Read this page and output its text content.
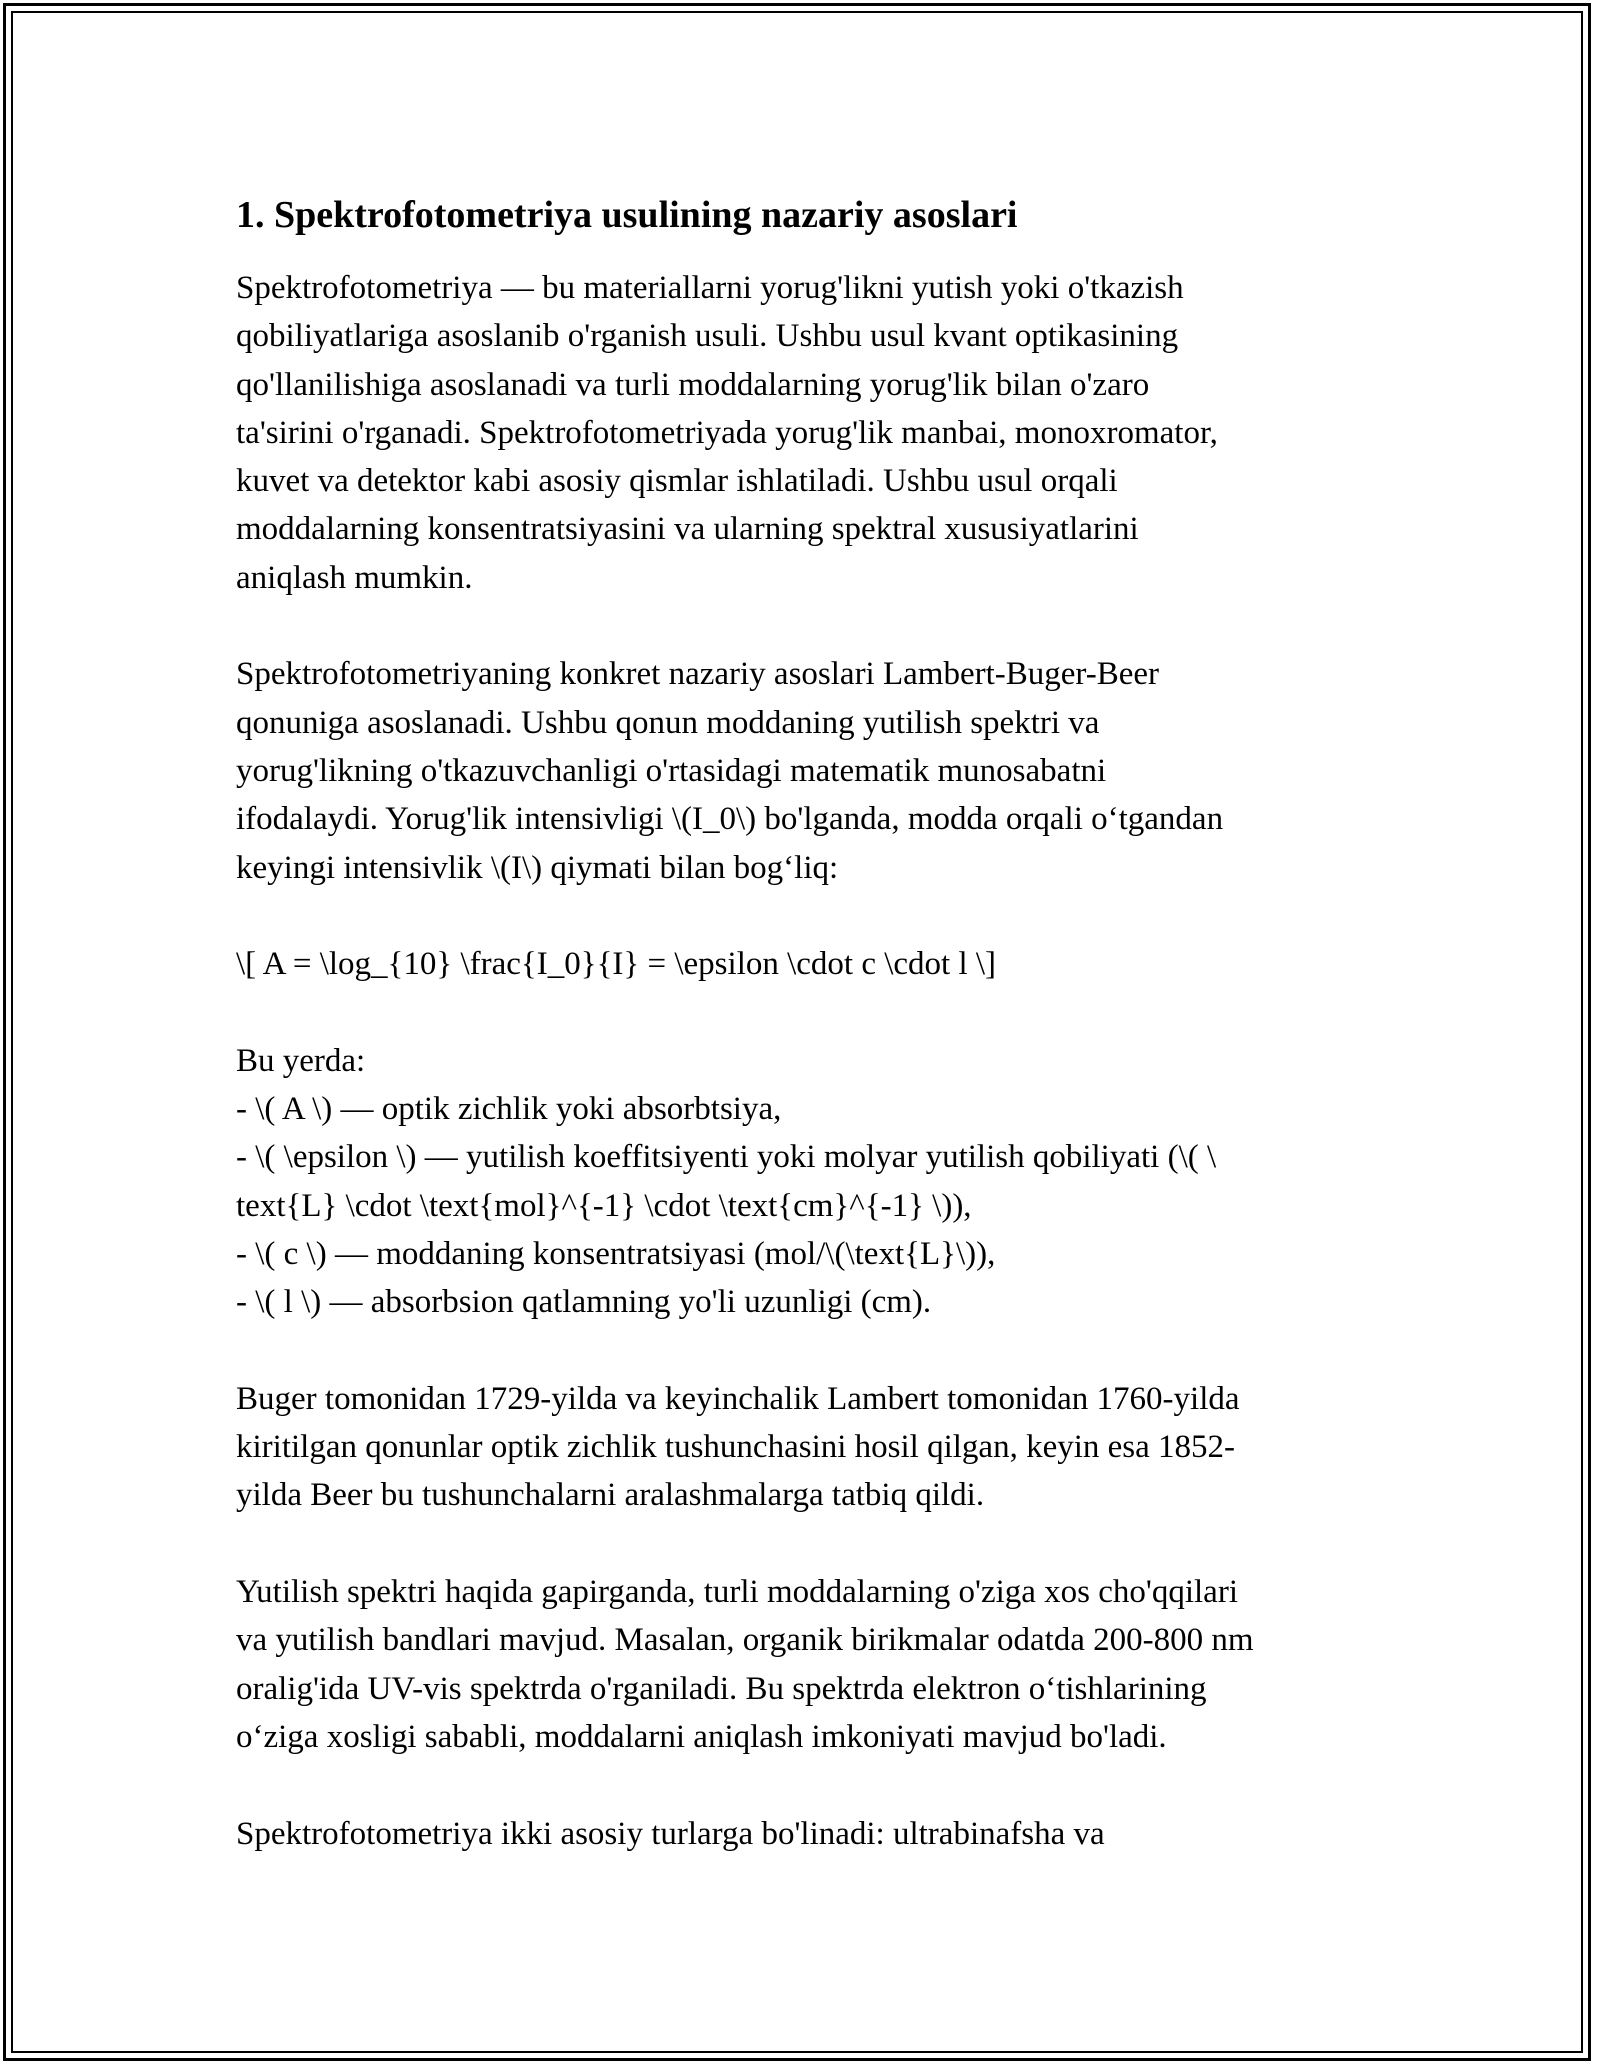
1. Spektrofotometriya usulining nazariy asoslari
Spektrofotometriya — bu materiallarni yorug'likni yutish yoki o'tkazish
qobiliyatlariga asoslanib o'rganish usuli. Ushbu usul kvant optikasining
qo'llanilishiga asoslanadi va turli moddalarning yorug'lik bilan o'zaro
ta'sirini o'rganadi. Spektrofotometriyada yorug'lik manbai, monoxromator,
kuvet va detektor kabi asosiy qismlar ishlatiladi. Ushbu usul orqali
moddalarning konsentratsiyasini va ularning spektral xususiyatlarini
aniqlash mumkin.
Spektrofotometriyaning konkret nazariy asoslari Lambert-Buger-Beer
qonuniga asoslanadi. Ushbu qonun moddaning yutilish spektri va
yorug'likning o'tkazuvchanligi o'rtasidagi matematik munosabatni
ifodalaydi. Yorug'lik intensivligi \(I_0\) bo'lganda, modda orqali o‘tgandan
keyingi intensivlik \(I\) qiymati bilan bog‘liq:
\[ A = \log_{10} \frac{I_0}{I} = \epsilon \cdot c \cdot l \]
Bu yerda:
- \( A \) — optik zichlik yoki absorbtsiya,
- \( \epsilon \) — yutilish koeffitsiyenti yoki molyar yutilish qobiliyati (\( \
text{L} \cdot \text{mol}^{-1} \cdot \text{cm}^{-1} \)),
- \( c \) — moddaning konsentratsiyasi (mol/\(\text{L}\)),
- \( l \) — absorbsion qatlamning yo'li uzunligi (cm).
Buger tomonidan 1729-yilda va keyinchalik Lambert tomonidan 1760-yilda
kiritilgan qonunlar optik zichlik tushunchasini hosil qilgan, keyin esa 1852-
yilda Beer bu tushunchalarni aralashmalarga tatbiq qildi.
Yutilish spektri haqida gapirganda, turli moddalarning o'ziga xos cho'qqilari
va yutilish bandlari mavjud. Masalan, organik birikmalar odatda 200-800 nm
oralig'ida UV-vis spektrda o'rganiladi. Bu spektrda elektron o‘tishlarining
o‘ziga xosligi sababli, moddalarni aniqlash imkoniyati mavjud bo'ladi.
Spektrofotometriya ikki asosiy turlarga bo'linadi: ultrabinafsha va
